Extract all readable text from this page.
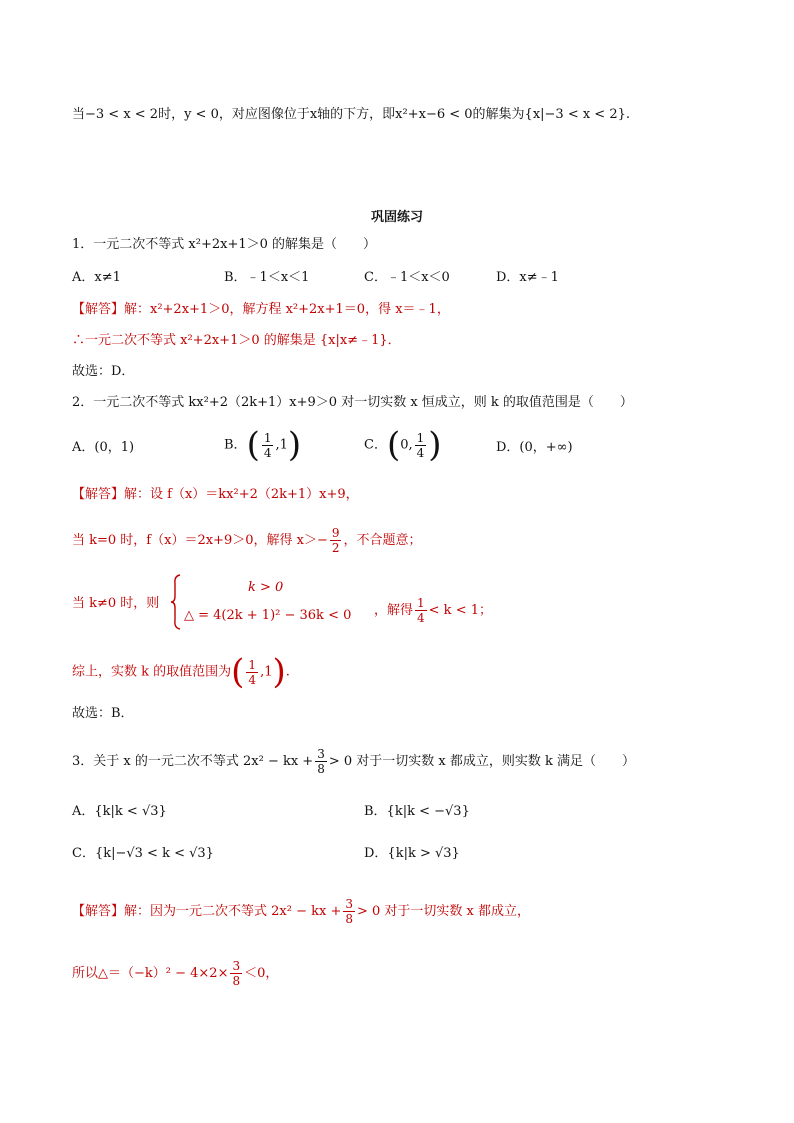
当−3 < x < 2时，y < 0，对应图像位于x轴的下方，即x²+x−6 < 0的解集为{x|−3 < x < 2}.
巩固练习
1．一元二次不等式 x²+2x+1＞0 的解集是（　　）
A．x≠1	B．﹣1＜x＜1	C．﹣1＜x＜0	D．x≠﹣1
【解答】解：x²+2x+1＞0，解方程 x²+2x+1＝0，得 x＝﹣1，
∴一元二次不等式 x²+2x+1＞0 的解集是 {x|x≠﹣1}．
故选：D．
2．一元二次不等式 kx²+2（2k+1）x+9＞0 对一切实数 x 恒成立，则 k 的取值范围是（　　）
A．(0，1)	B．( $\frac{1}{4} ,1$)	C．(0, $\frac{1}{4}$ )	D．(0，+∞)
【解答】解：设 f（x）＝kx²+2（2k+1）x+9，
当 k=0 时，f（x）＝2x+9＞0，解得 $x>- \frac{9}{2}$ ，不合题意；
当 k≠0 时，则
k > 0
△ = 4(2k + 1)² − 36k < 0 ，解得 $\frac{1}{4} < k < 1$；
综上，实数 k 的取值范围为( $\frac{1}{4} ,1$).
故选：B．
3．关于 x 的一元二次不等式 2x² − kx + $\frac{3}{8} > 0$ 对于一切实数 x 都成立，则实数 k 满足（　　）
A．{k|k < √3}	B．{k|k < −√3}
C．{k|−√3 < k < √3}	D．{k|k > √3}
【解答】解：因为一元二次不等式 2x² − kx + $\frac{3}{8} > 0$ 对于一切实数 x 都成立，
所以△＝（−k）² − $4\times 2\times \frac{3}{8} <0$，
